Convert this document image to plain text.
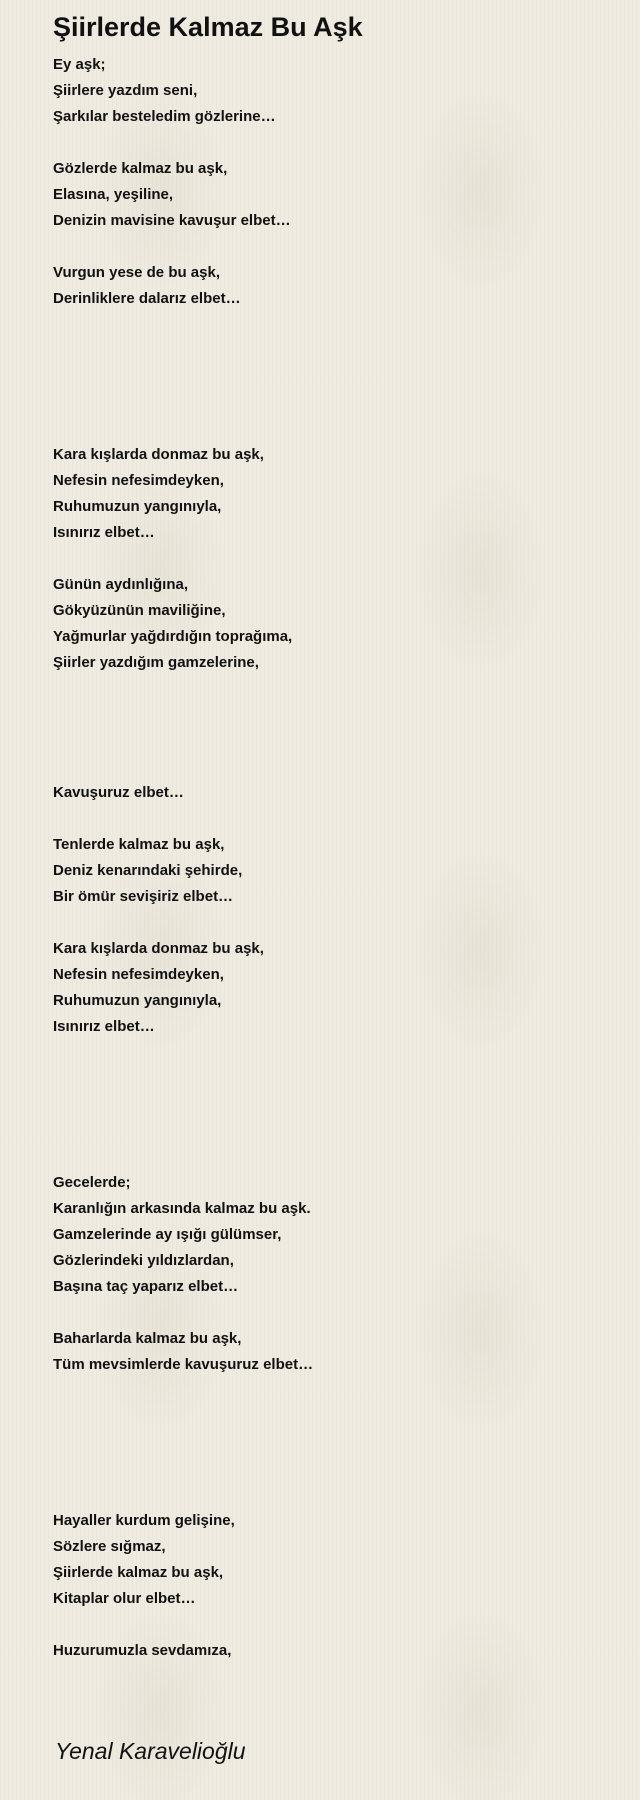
Şiirlerde Kalmaz Bu Aşk
Ey aşk;
Şiirlere yazdım seni,
Şarkılar besteledim gözlerine…
Gözlerde kalmaz bu aşk,
Elasına, yeşiline,
Denizin mavisine kavuşur elbet…
Vurgun yese de bu aşk,
Derinliklere dalarız elbet…
Kara kışlarda donmaz bu aşk,
Nefesin nefesimdeyken,
Ruhumuzun yangınıyla,
Isınırız elbet…
Günün aydınlığına,
Gökyüzünün maviliğine,
Yağmurlar yağdırdığın toprağıma,
Şiirler yazdığım gamzelerine,
Kavuşuruz elbet…
Tenlerde kalmaz bu aşk,
Deniz kenarındaki şehirde,
Bir ömür sevişiriz elbet…
Kara kışlarda donmaz bu aşk,
Nefesin nefesimdeyken,
Ruhumuzun yangınıyla,
Isınırız elbet…
Gecelerde;
Karanlığın arkasında kalmaz bu aşk.
Gamzelerinde ay ışığı gülümser,
Gözlerindeki yıldızlardan,
Başına taç yaparız elbet…
Baharlarda kalmaz bu aşk,
Tüm mevsimlerde kavuşuruz elbet…
Hayaller kurdum gelişine,
Sözlere sığmaz,
Şiirlerde kalmaz bu aşk,
Kitaplar olur elbet…
Huzurumuzla sevdamıza,
Yenal Karavelioğlu
